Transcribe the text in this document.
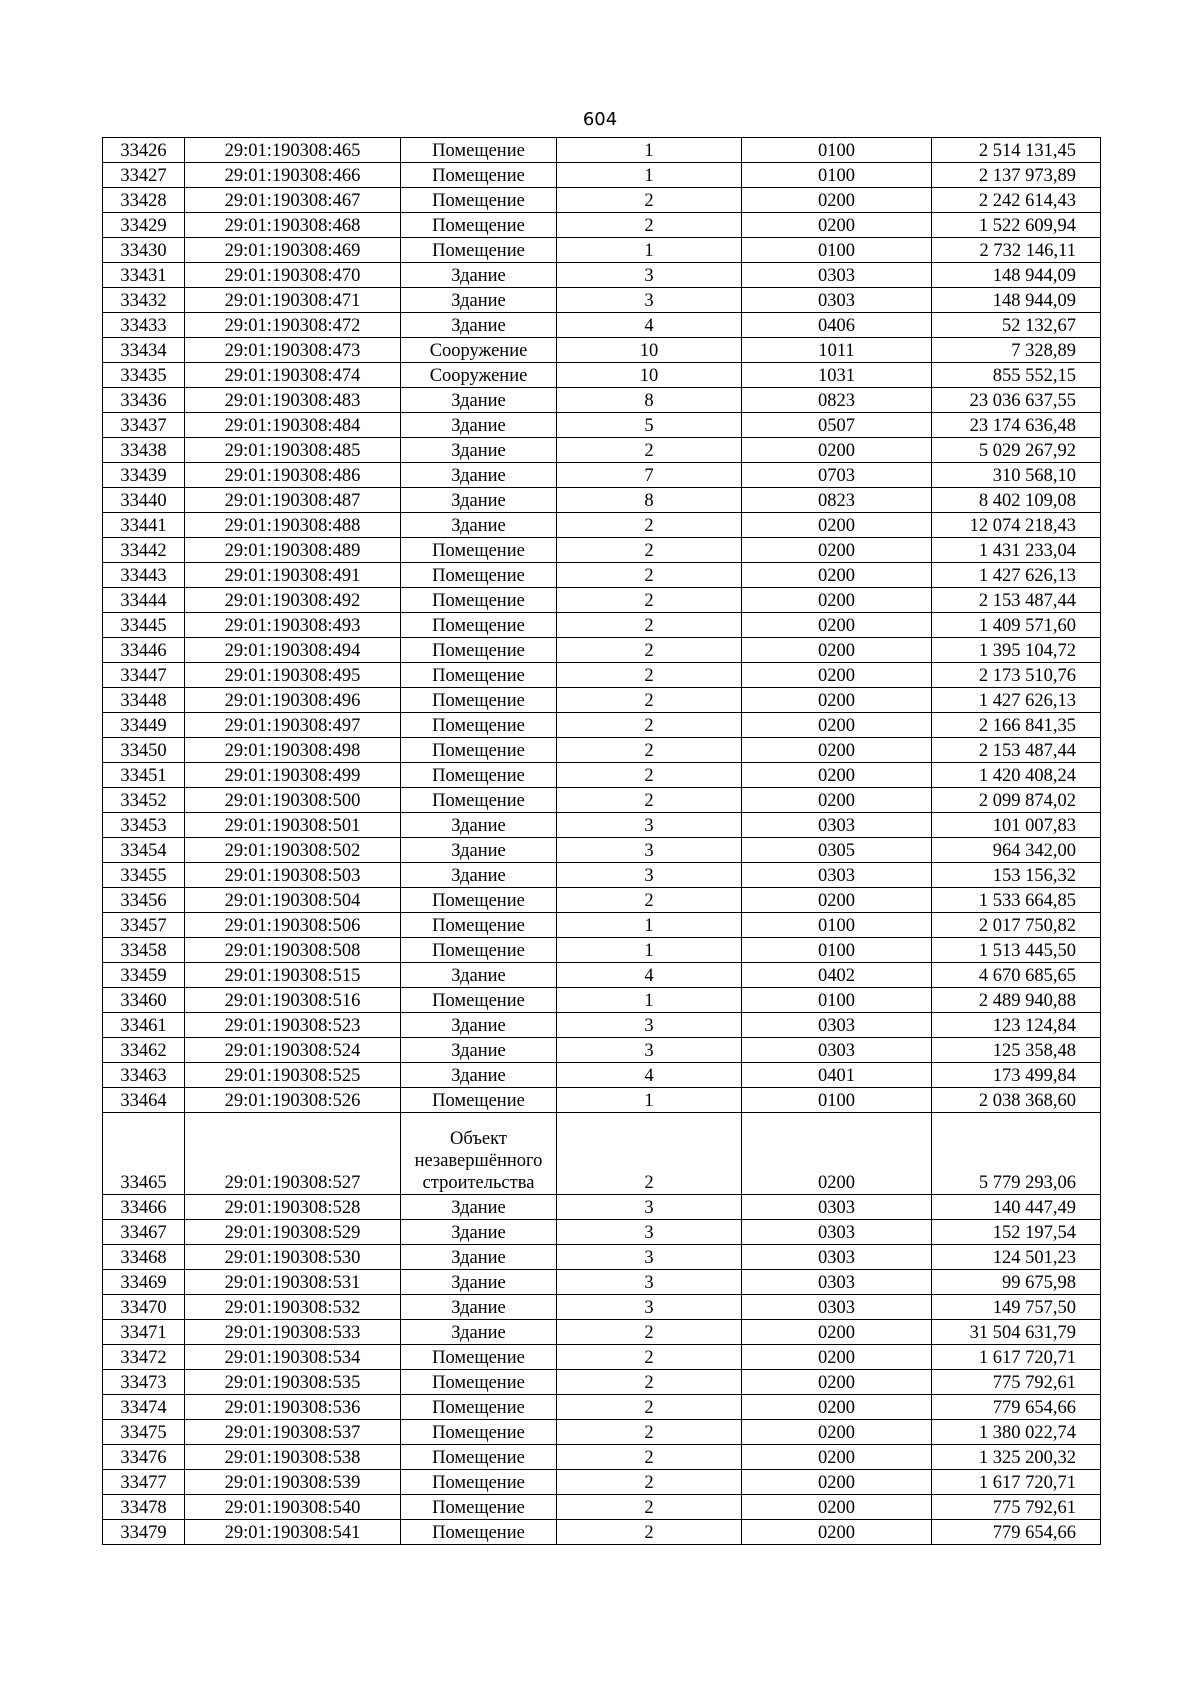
604
33426	29:01:190308:465	Помещение	1	0100	2 514 131,45
33427	29:01:190308:466	Помещение	1	0100	2 137 973,89
33428	29:01:190308:467	Помещение	2	0200	2 242 614,43
33429	29:01:190308:468	Помещение	2	0200	1 522 609,94
33430	29:01:190308:469	Помещение	1	0100	2 732 146,11
33431	29:01:190308:470	Здание	3	0303	148 944,09
33432	29:01:190308:471	Здание	3	0303	148 944,09
33433	29:01:190308:472	Здание	4	0406	52 132,67
33434	29:01:190308:473	Сооружение	10	1011	7 328,89
33435	29:01:190308:474	Сооружение	10	1031	855 552,15
33436	29:01:190308:483	Здание	8	0823	23 036 637,55
33437	29:01:190308:484	Здание	5	0507	23 174 636,48
33438	29:01:190308:485	Здание	2	0200	5 029 267,92
33439	29:01:190308:486	Здание	7	0703	310 568,10
33440	29:01:190308:487	Здание	8	0823	8 402 109,08
33441	29:01:190308:488	Здание	2	0200	12 074 218,43
33442	29:01:190308:489	Помещение	2	0200	1 431 233,04
33443	29:01:190308:491	Помещение	2	0200	1 427 626,13
33444	29:01:190308:492	Помещение	2	0200	2 153 487,44
33445	29:01:190308:493	Помещение	2	0200	1 409 571,60
33446	29:01:190308:494	Помещение	2	0200	1 395 104,72
33447	29:01:190308:495	Помещение	2	0200	2 173 510,76
33448	29:01:190308:496	Помещение	2	0200	1 427 626,13
33449	29:01:190308:497	Помещение	2	0200	2 166 841,35
33450	29:01:190308:498	Помещение	2	0200	2 153 487,44
33451	29:01:190308:499	Помещение	2	0200	1 420 408,24
33452	29:01:190308:500	Помещение	2	0200	2 099 874,02
33453	29:01:190308:501	Здание	3	0303	101 007,83
33454	29:01:190308:502	Здание	3	0305	964 342,00
33455	29:01:190308:503	Здание	3	0303	153 156,32
33456	29:01:190308:504	Помещение	2	0200	1 533 664,85
33457	29:01:190308:506	Помещение	1	0100	2 017 750,82
33458	29:01:190308:508	Помещение	1	0100	1 513 445,50
33459	29:01:190308:515	Здание	4	0402	4 670 685,65
33460	29:01:190308:516	Помещение	1	0100	2 489 940,88
33461	29:01:190308:523	Здание	3	0303	123 124,84
33462	29:01:190308:524	Здание	3	0303	125 358,48
33463	29:01:190308:525	Здание	4	0401	173 499,84
33464	29:01:190308:526	Помещение	1	0100	2 038 368,60
33465	29:01:190308:527	Объект незавершённого строительства	2	0200	5 779 293,06
33466	29:01:190308:528	Здание	3	0303	140 447,49
33467	29:01:190308:529	Здание	3	0303	152 197,54
33468	29:01:190308:530	Здание	3	0303	124 501,23
33469	29:01:190308:531	Здание	3	0303	99 675,98
33470	29:01:190308:532	Здание	3	0303	149 757,50
33471	29:01:190308:533	Здание	2	0200	31 504 631,79
33472	29:01:190308:534	Помещение	2	0200	1 617 720,71
33473	29:01:190308:535	Помещение	2	0200	775 792,61
33474	29:01:190308:536	Помещение	2	0200	779 654,66
33475	29:01:190308:537	Помещение	2	0200	1 380 022,74
33476	29:01:190308:538	Помещение	2	0200	1 325 200,32
33477	29:01:190308:539	Помещение	2	0200	1 617 720,71
33478	29:01:190308:540	Помещение	2	0200	775 792,61
33479	29:01:190308:541	Помещение	2	0200	779 654,66
